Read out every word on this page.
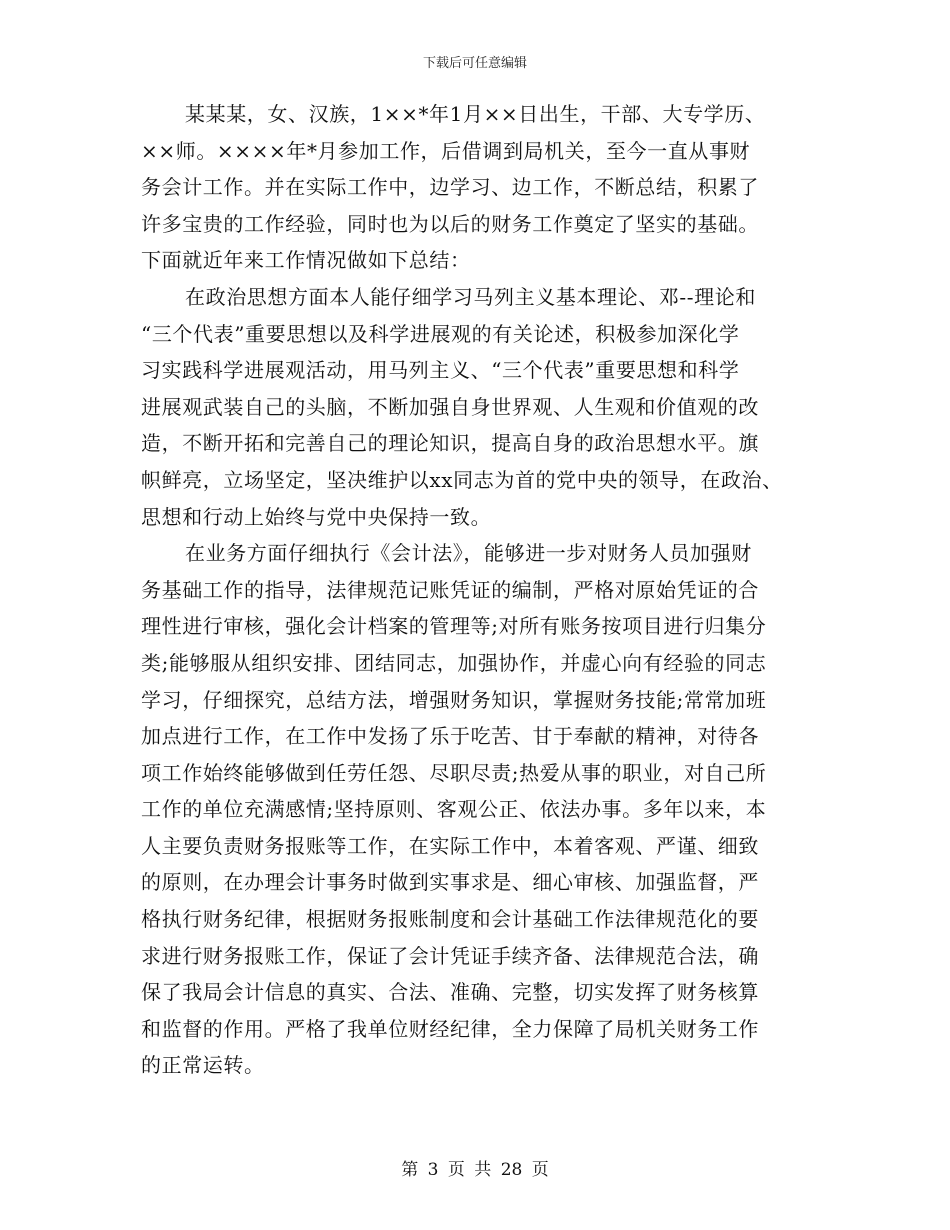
下载后可任意编辑
某某某，女、汉族，1××*年1月××日出生，干部、大专学历、
××师。××××年*月参加工作，后借调到局机关，至今一直从事财
务会计工作。并在实际工作中，边学习、边工作，不断总结，积累了
许多宝贵的工作经验，同时也为以后的财务工作奠定了坚实的基础。
下面就近年来工作情况做如下总结：
在政治思想方面本人能仔细学习马列主义基本理论、邓--理论和
“三个代表”重要思想以及科学进展观的有关论述，积极参加深化学
习实践科学进展观活动，用马列主义、“三个代表”重要思想和科学
进展观武装自己的头脑，不断加强自身世界观、人生观和价值观的改
造，不断开拓和完善自己的理论知识，提高自身的政治思想水平。旗
帜鲜亮，立场坚定，坚决维护以xx同志为首的党中央的领导，在政治、
思想和行动上始终与党中央保持一致。
在业务方面仔细执行《会计法》，能够进一步对财务人员加强财
务基础工作的指导，法律规范记账凭证的编制，严格对原始凭证的合
理性进行审核，强化会计档案的管理等;对所有账务按项目进行归集分
类;能够服从组织安排、团结同志，加强协作，并虚心向有经验的同志
学习，仔细探究，总结方法，增强财务知识，掌握财务技能;常常加班
加点进行工作，在工作中发扬了乐于吃苦、甘于奉献的精神，对待各
项工作始终能够做到任劳任怨、尽职尽责;热爱从事的职业，对自己所
工作的单位充满感情;坚持原则、客观公正、依法办事。多年以来，本
人主要负责财务报账等工作，在实际工作中，本着客观、严谨、细致
的原则，在办理会计事务时做到实事求是、细心审核、加强监督，严
格执行财务纪律，根据财务报账制度和会计基础工作法律规范化的要
求进行财务报账工作，保证了会计凭证手续齐备、法律规范合法，确
保了我局会计信息的真实、合法、准确、完整，切实发挥了财务核算
和监督的作用。严格了我单位财经纪律，全力保障了局机关财务工作
的正常运转。
第 3 页 共 28 页
